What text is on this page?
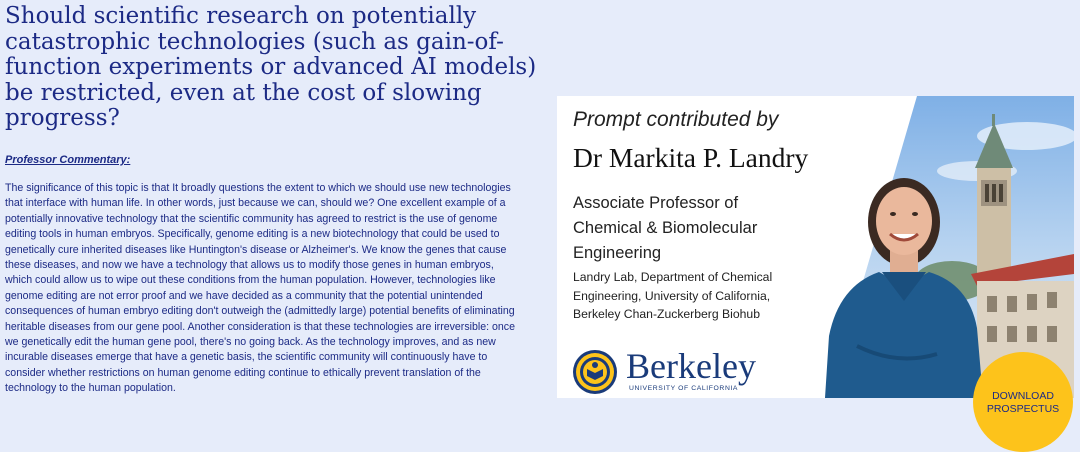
Should scientific research on potentially catastrophic technologies (such as gain-of-function experiments or advanced AI models) be restricted, even at the cost of slowing progress?
Professor Commentary:

The significance of this topic is that It broadly questions the extent to which we should use new technologies that interface with human life. In other words, just because we can, should we? One excellent example of a potentially innovative technology that the scientific community has agreed to restrict is the use of genome editing tools in human embryos. Specifically, genome editing is a new biotechnology that could be used to genetically cure inherited diseases like Huntington's disease or Alzheimer's. We know the genes that cause these diseases, and now we have a technology that allows us to modify those genes in human embryos, which could allow us to wipe out these conditions from the human population. However, technologies like genome editing are not error proof and we have decided as a community that the potential unintended consequences of human embryo editing don't outweigh the (admittedly large) potential benefits of eliminating heritable diseases from our gene pool. Another consideration is that these technologies are irreversible: once we genetically edit the human gene pool, there's no going back. As the technology improves, and as new incurable diseases emerge that have a genetic basis, the scientific community will continuously have to consider whether restrictions on human genome editing continue to ethically prevent translation of the technology to the human population.

Prompt contributed by
Dr Markita P. Landry
Associate Professor of Chemical & Biomolecular Engineering
Landry Lab, Department of Chemical Engineering, University of California, Berkeley Chan-Zuckerberg Biohub
Berkeley
UNIVERSITY OF CALIFORNIA
DOWNLOAD PROSPECTUS
